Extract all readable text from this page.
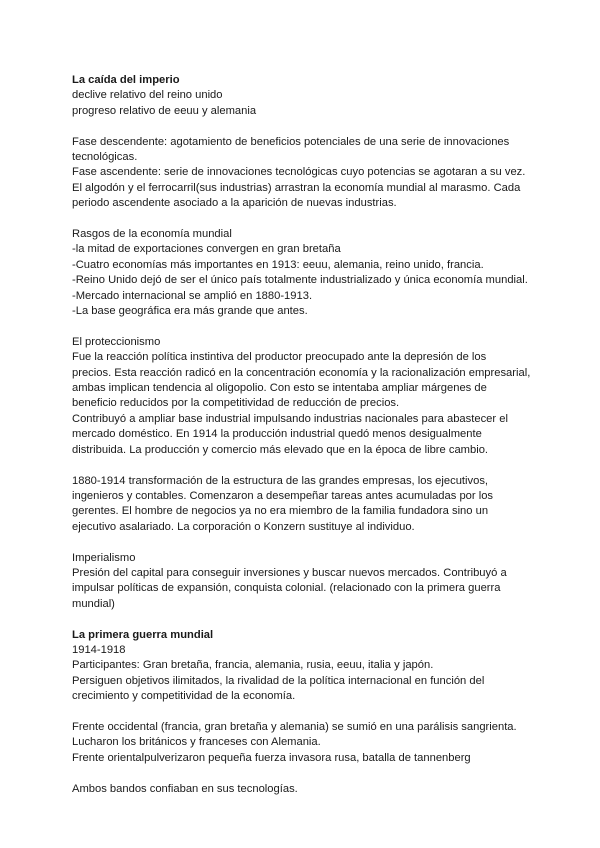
La caída del imperio
declive relativo del reino unido
progreso relativo de eeuu y alemania
Fase descendente: agotamiento de beneficios potenciales de una serie de innovaciones
tecnológicas.
Fase ascendente: serie de innovaciones tecnológicas cuyo potencias se agotaran a su vez.
El algodón y el ferrocarril(sus industrias) arrastran la economía mundial al marasmo. Cada
periodo ascendente asociado a la aparición de nuevas industrias.
Rasgos de la economía mundial
-la mitad de exportaciones convergen en gran bretaña
-Cuatro economías más importantes en 1913: eeuu, alemania, reino unido, francia.
-Reino Unido dejó de ser el único país totalmente industrializado y única economía mundial.
-Mercado internacional se amplió en 1880-1913.
-La base geográfica era más grande que antes.
El proteccionismo
Fue la reacción política instintiva del productor preocupado ante la depresión de los
precios. Esta reacción radicó en la concentración economía y la racionalización empresarial,
ambas implican tendencia al oligopolio. Con esto se intentaba ampliar márgenes de
beneficio reducidos por la competitividad de reducción de precios.
Contribuyó a ampliar base industrial impulsando industrias nacionales para abastecer el
mercado doméstico. En 1914 la producción industrial quedó menos desigualmente
distribuida. La producción y comercio más elevado que en la época de libre cambio.
1880-1914 transformación de la estructura de las grandes empresas, los ejecutivos,
ingenieros y contables. Comenzaron a desempeñar tareas antes acumuladas por los
gerentes. El hombre de negocios ya no era miembro de la familia fundadora sino un
ejecutivo asalariado. La corporación o Konzern sustituye al individuo.
Imperialismo
Presión del capital para conseguir inversiones y buscar nuevos mercados. Contribuyó a
impulsar políticas de expansión, conquista colonial. (relacionado con la primera guerra
mundial)
La primera guerra mundial
1914-1918
Participantes: Gran bretaña, francia, alemania, rusia, eeuu, italia y japón.
Persiguen objetivos ilimitados, la rivalidad de la política internacional en función del
crecimiento y competitividad de la economía.
Frente occidental (francia, gran bretaña y alemania) se sumió en una parálisis sangrienta.
Lucharon los británicos y franceses con Alemania.
Frente orientalpulverizaron pequeña fuerza invasora rusa, batalla de tannenberg
Ambos bandos confiaban en sus tecnologías.
